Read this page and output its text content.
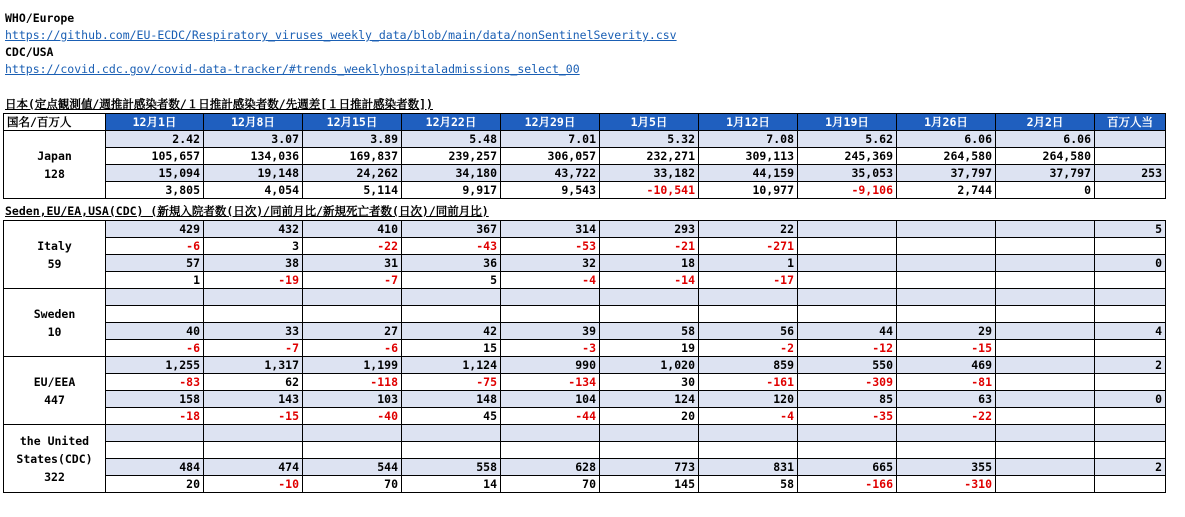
WHO/Europe
https://github.com/EU-ECDC/Respiratory_viruses_weekly_data/blob/main/data/nonSentinelSeverity.csv
CDC/USA
https://covid.cdc.gov/covid-data-tracker/#trends_weeklyhospitaladmissions_select_00
日本(定点観測値/週推計感染者数/１日推計感染者数/先週差[１日推計感染者数])
国名/百万人	12月1日	12月8日	12月15日	12月22日	12月29日	1月5日	1月12日	1月19日	1月26日	2月2日	百万人当

Japan
128	2.42	3.07	3.89	5.48	7.01	5.32	7.08	5.62	6.06	6.06	
	105,657	134,036	169,837	239,257	306,057	232,271	309,113	245,369	264,580	264,580	
	15,094	19,148	24,262	34,180	43,722	33,182	44,159	35,053	37,797	37,797	253
	3,805	4,054	5,114	9,917	9,543	-10,541	10,977	-9,106	2,744	0	
Seden,EU/EA,USA(CDC) (新規入院者数(日次)/同前月比/新規死亡者数(日次)/同前月比)
Italy
59	429	432	410	367	314	293	22				5
	-6	3	-22	-43	-53	-21	-271				
	57	38	31	36	32	18	1				0
	1	-19	-7	5	-4	-14	-17				

Sweden
10											

	40	33	27	42	39	58	56	44	29		4
	-6	-7	-6	15	-3	19	-2	-12	-15		

EU/EEA
447	1,255	1,317	1,199	1,124	990	1,020	859	550	469		2
	-83	62	-118	-75	-134	30	-161	-309	-81		
	158	143	103	148	104	124	120	85	63		0
	-18	-15	-40	45	-44	20	-4	-35	-22		

the United
States(CDC)
322											

	484	474	544	558	628	773	831	665	355		2
	20	-10	70	14	70	145	58	-166	-310		
